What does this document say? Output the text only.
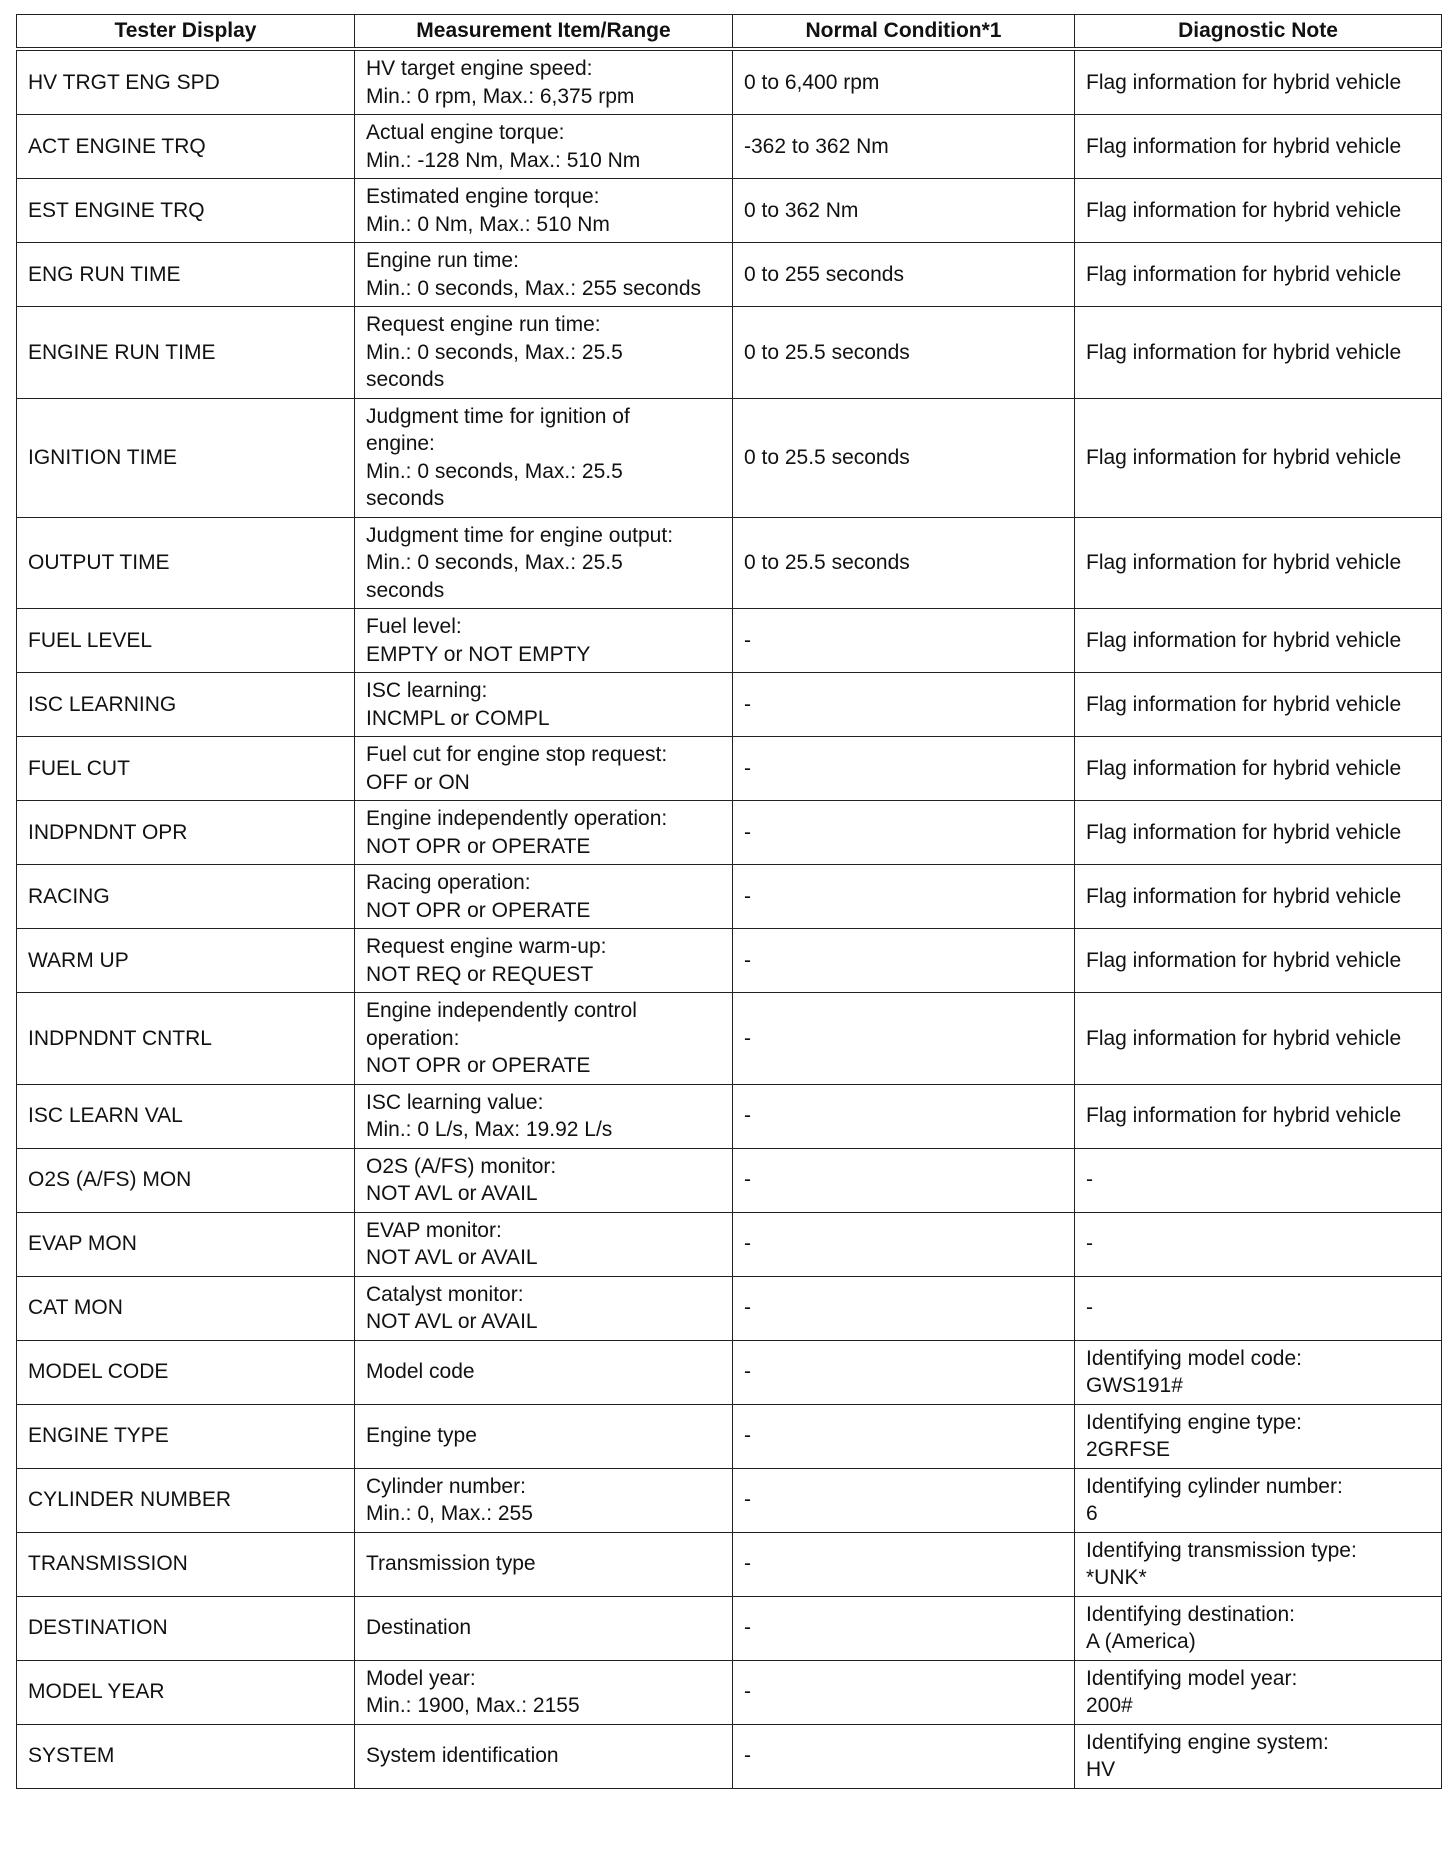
Tester Display	Measurement Item/Range	Normal Condition*1	Diagnostic Note
HV TRGT ENG SPD	HV target engine speed:
Min.: 0 rpm, Max.: 6,375 rpm	0 to 6,400 rpm	Flag information for hybrid vehicle

ACT ENGINE TRQ	Actual engine torque:
Min.: -128 Nm, Max.: 510 Nm	-362 to 362 Nm	Flag information for hybrid vehicle

EST ENGINE TRQ	Estimated engine torque:
Min.: 0 Nm, Max.: 510 Nm	0 to 362 Nm	Flag information for hybrid vehicle

ENG RUN TIME	Engine run time:
Min.: 0 seconds, Max.: 255 seconds	0 to 255 seconds	Flag information for hybrid vehicle

ENGINE RUN TIME	Request engine run time:
Min.: 0 seconds, Max.: 25.5
seconds	0 to 25.5 seconds	Flag information for hybrid vehicle

IGNITION TIME	Judgment time for ignition of
engine:
Min.: 0 seconds, Max.: 25.5
seconds	0 to 25.5 seconds	Flag information for hybrid vehicle

OUTPUT TIME	Judgment time for engine output:
Min.: 0 seconds, Max.: 25.5
seconds	0 to 25.5 seconds	Flag information for hybrid vehicle

FUEL LEVEL	Fuel level:
EMPTY or NOT EMPTY	-	Flag information for hybrid vehicle

ISC LEARNING	ISC learning:
INCMPL or COMPL	-	Flag information for hybrid vehicle

FUEL CUT	Fuel cut for engine stop request:
OFF or ON	-	Flag information for hybrid vehicle

INDPNDNT OPR	Engine independently operation:
NOT OPR or OPERATE	-	Flag information for hybrid vehicle

RACING	Racing operation:
NOT OPR or OPERATE	-	Flag information for hybrid vehicle

WARM UP	Request engine warm-up:
NOT REQ or REQUEST	-	Flag information for hybrid vehicle

INDPNDNT CNTRL	Engine independently control
operation:
NOT OPR or OPERATE	-	Flag information for hybrid vehicle

ISC LEARN VAL	ISC learning value:
Min.: 0 L/s, Max: 19.92 L/s	-	Flag information for hybrid vehicle

O2S (A/FS) MON	O2S (A/FS) monitor:
NOT AVL or AVAIL	-	-

EVAP MON	EVAP monitor:
NOT AVL or AVAIL	-	-

CAT MON	Catalyst monitor:
NOT AVL or AVAIL	-	-

MODEL CODE	Model code	-	Identifying model code:
GWS191#

ENGINE TYPE	Engine type	-	Identifying engine type:
2GRFSE

CYLINDER NUMBER	Cylinder number:
Min.: 0, Max.: 255	-	Identifying cylinder number:
6

TRANSMISSION	Transmission type	-	Identifying transmission type:
*UNK*

DESTINATION	Destination	-	Identifying destination:
A (America)

MODEL YEAR	Model year:
Min.: 1900, Max.: 2155	-	Identifying model year:
200#

SYSTEM	System identification	-	Identifying engine system:
HV
